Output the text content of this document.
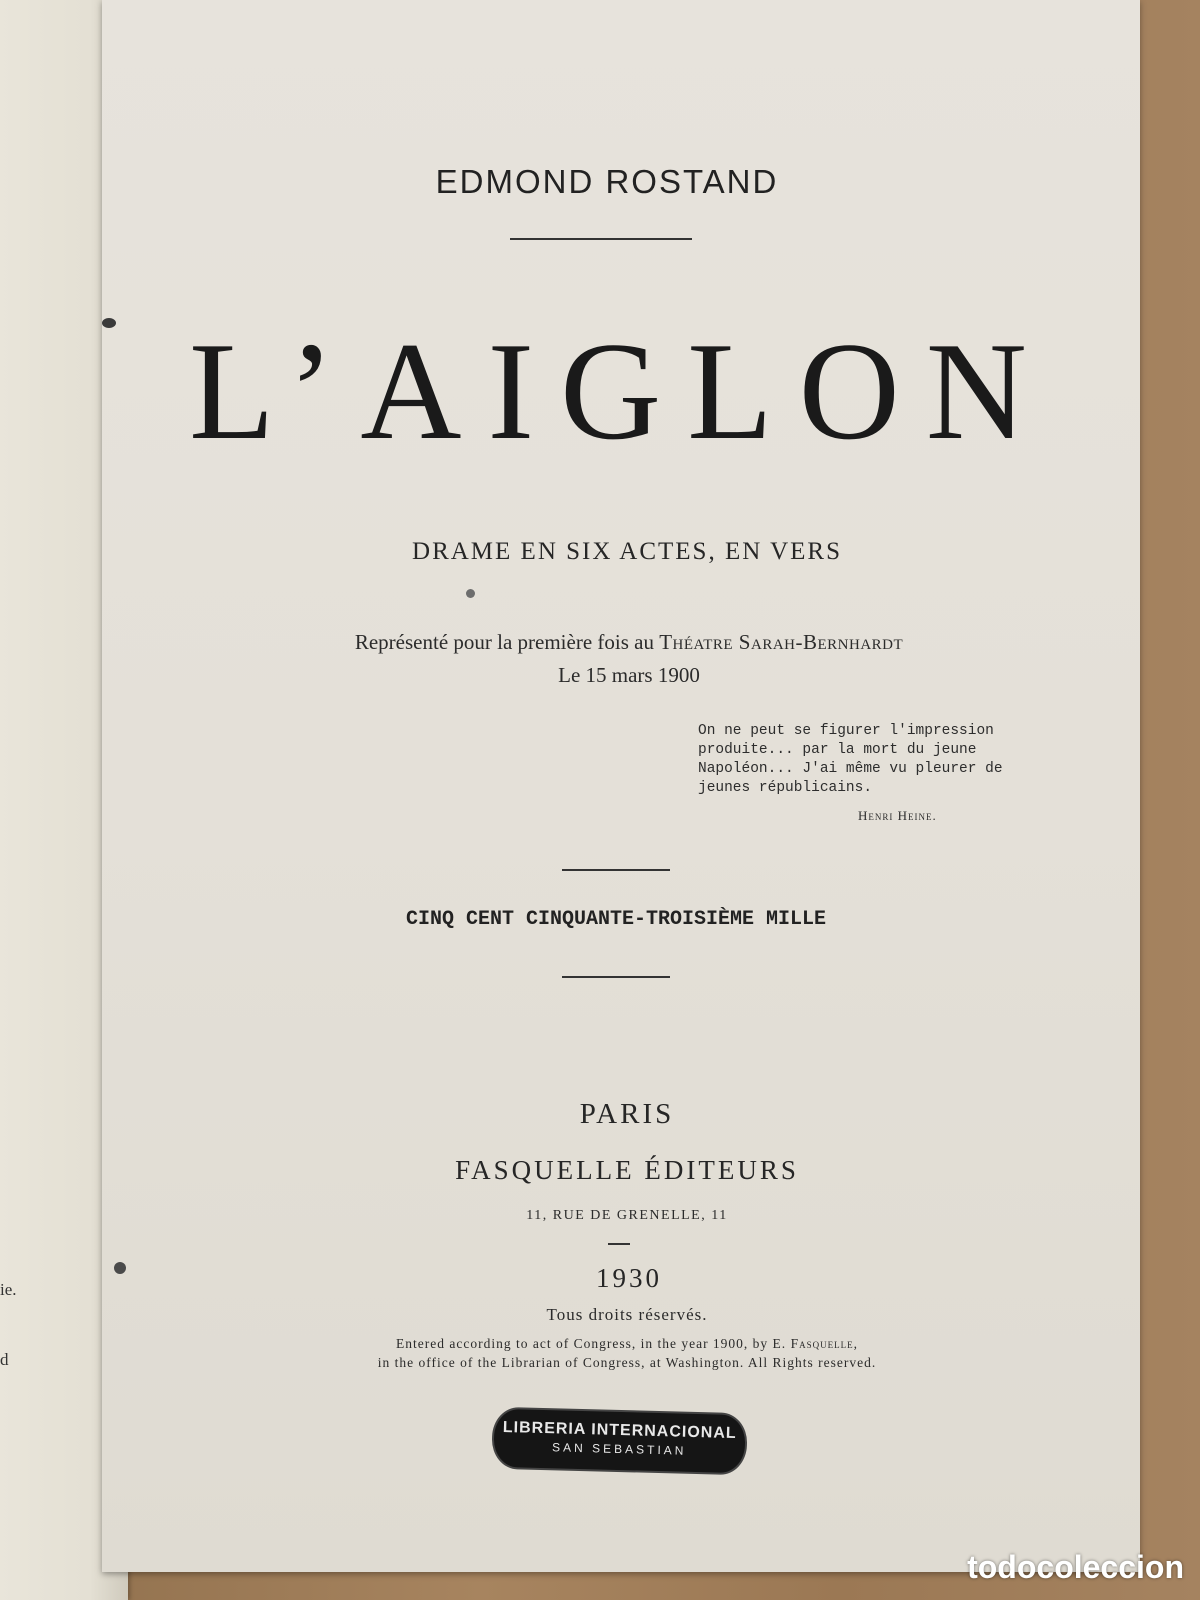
ie.
d
EDMOND ROSTAND
L’AIGLON
DRAME EN SIX ACTES, EN VERS
Représenté pour la première fois au Théatre Sarah-Bernhardt
Le 15 mars 1900
On ne peut se figurer l'impression
produite... par la mort du jeune
Napoléon... J'ai même vu pleurer de
jeunes républicains.
Henri Heine.
CINQ CENT CINQUANTE-TROISIÈME MILLE
PARIS
FASQUELLE ÉDITEURS
11, RUE DE GRENELLE, 11
1930
Tous droits réservés.
Entered according to act of Congress, in the year 1900, by E. Fasquelle,
in the office of the Librarian of Congress, at Washington. All Rights reserved.
LIBRERIA INTERNACIONAL
SAN SEBASTIAN
todocoleccion
